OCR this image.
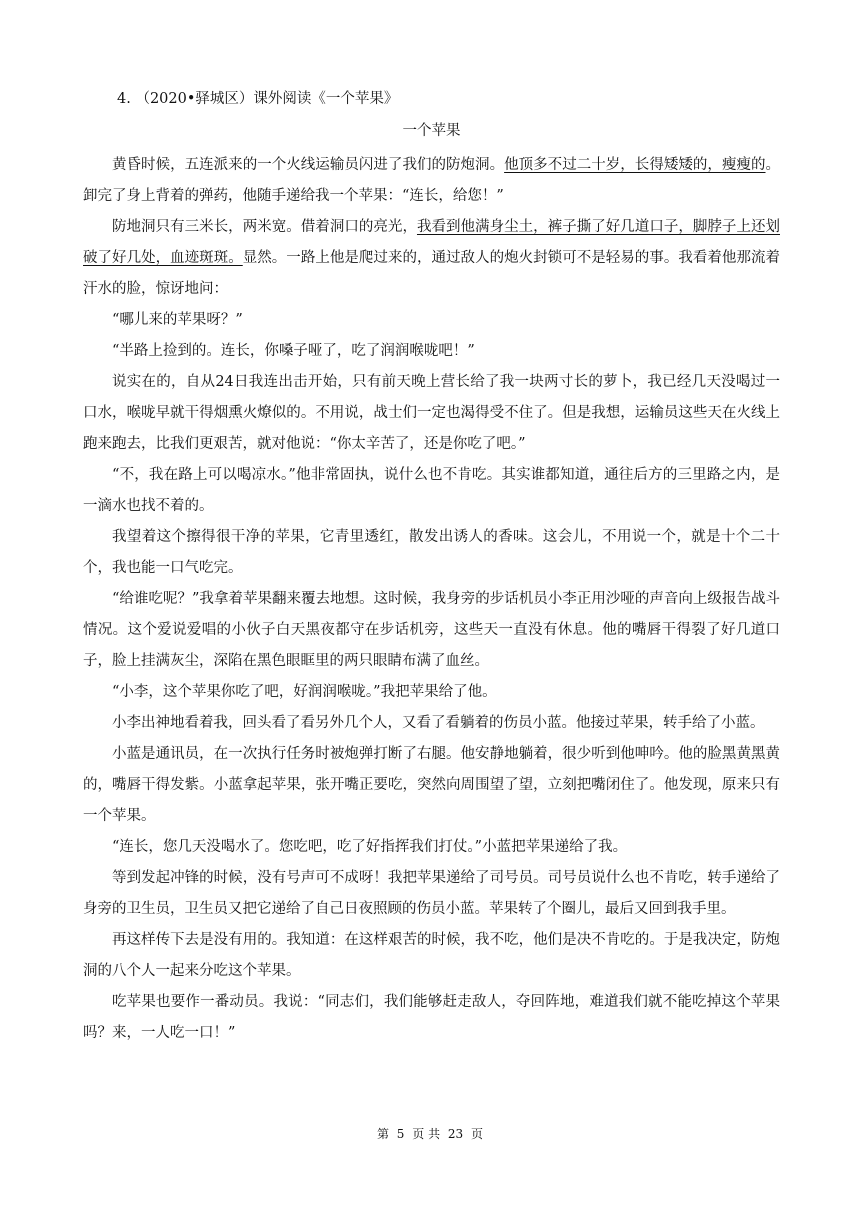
4. （2020•驿城区）课外阅读《一个苹果》
一个苹果

黄昏时候，五连派来的一个火线运输员闪进了我们的防炮洞。他顶多不过二十岁，长得矮矮的，瘦瘦的。卸完了身上背着的弹药，他随手递给我一个苹果：“连长，给您！”

防地洞只有三米长，两米宽。借着洞口的亮光，我看到他满身尘土，裤子撕了好几道口子，脚脖子上还划破了好几处，血迹斑斑。显然。一路上他是爬过来的，通过敌人的炮火封锁可不是轻易的事。我看着他那流着汗水的脸，惊讶地问：

“哪儿来的苹果呀？”

“半路上捡到的。连长，你嗓子哑了，吃了润润喉咙吧！”

说实在的，自从24日我连出击开始，只有前天晚上营长给了我一块两寸长的萝卜，我已经几天没喝过一口水，喉咙早就干得烟熏火燎似的。不用说，战士们一定也渴得受不住了。但是我想，运输员这些天在火线上跑来跑去，比我们更艰苦，就对他说：“你太辛苦了，还是你吃了吧。”

“不，我在路上可以喝凉水。”他非常固执，说什么也不肯吃。其实谁都知道，通往后方的三里路之内，是一滴水也找不着的。

我望着这个擦得很干净的苹果，它青里透红，散发出诱人的香味。这会儿，不用说一个，就是十个二十个，我也能一口气吃完。

“给谁吃呢？”我拿着苹果翻来覆去地想。这时候，我身旁的步话机员小李正用沙哑的声音向上级报告战斗情况。这个爱说爱唱的小伙子白天黑夜都守在步话机旁，这些天一直没有休息。他的嘴唇干得裂了好几道口子，脸上挂满灰尘，深陷在黑色眼眶里的两只眼睛布满了血丝。

“小李，这个苹果你吃了吧，好润润喉咙。”我把苹果给了他。

小李出神地看着我，回头看了看另外几个人，又看了看躺着的伤员小蓝。他接过苹果，转手给了小蓝。

小蓝是通讯员，在一次执行任务时被炮弹打断了右腿。他安静地躺着，很少听到他呻吟。他的脸黑黄黑黄的，嘴唇干得发紫。小蓝拿起苹果，张开嘴正要吃，突然向周围望了望，立刻把嘴闭住了。他发现，原来只有一个苹果。

“连长，您几天没喝水了。您吃吧，吃了好指挥我们打仗。”小蓝把苹果递给了我。

等到发起冲锋的时候，没有号声可不成呀！我把苹果递给了司号员。司号员说什么也不肯吃，转手递给了身旁的卫生员，卫生员又把它递给了自己日夜照顾的伤员小蓝。苹果转了个圈儿，最后又回到我手里。

再这样传下去是没有用的。我知道：在这样艰苦的时候，我不吃，他们是决不肯吃的。于是我决定，防炮洞的八个人一起来分吃这个苹果。

吃苹果也要作一番动员。我说：“同志们，我们能够赶走敌人，夺回阵地，难道我们就不能吃掉这个苹果吗？来，一人吃一口！”

第 5 页 共 23 页
